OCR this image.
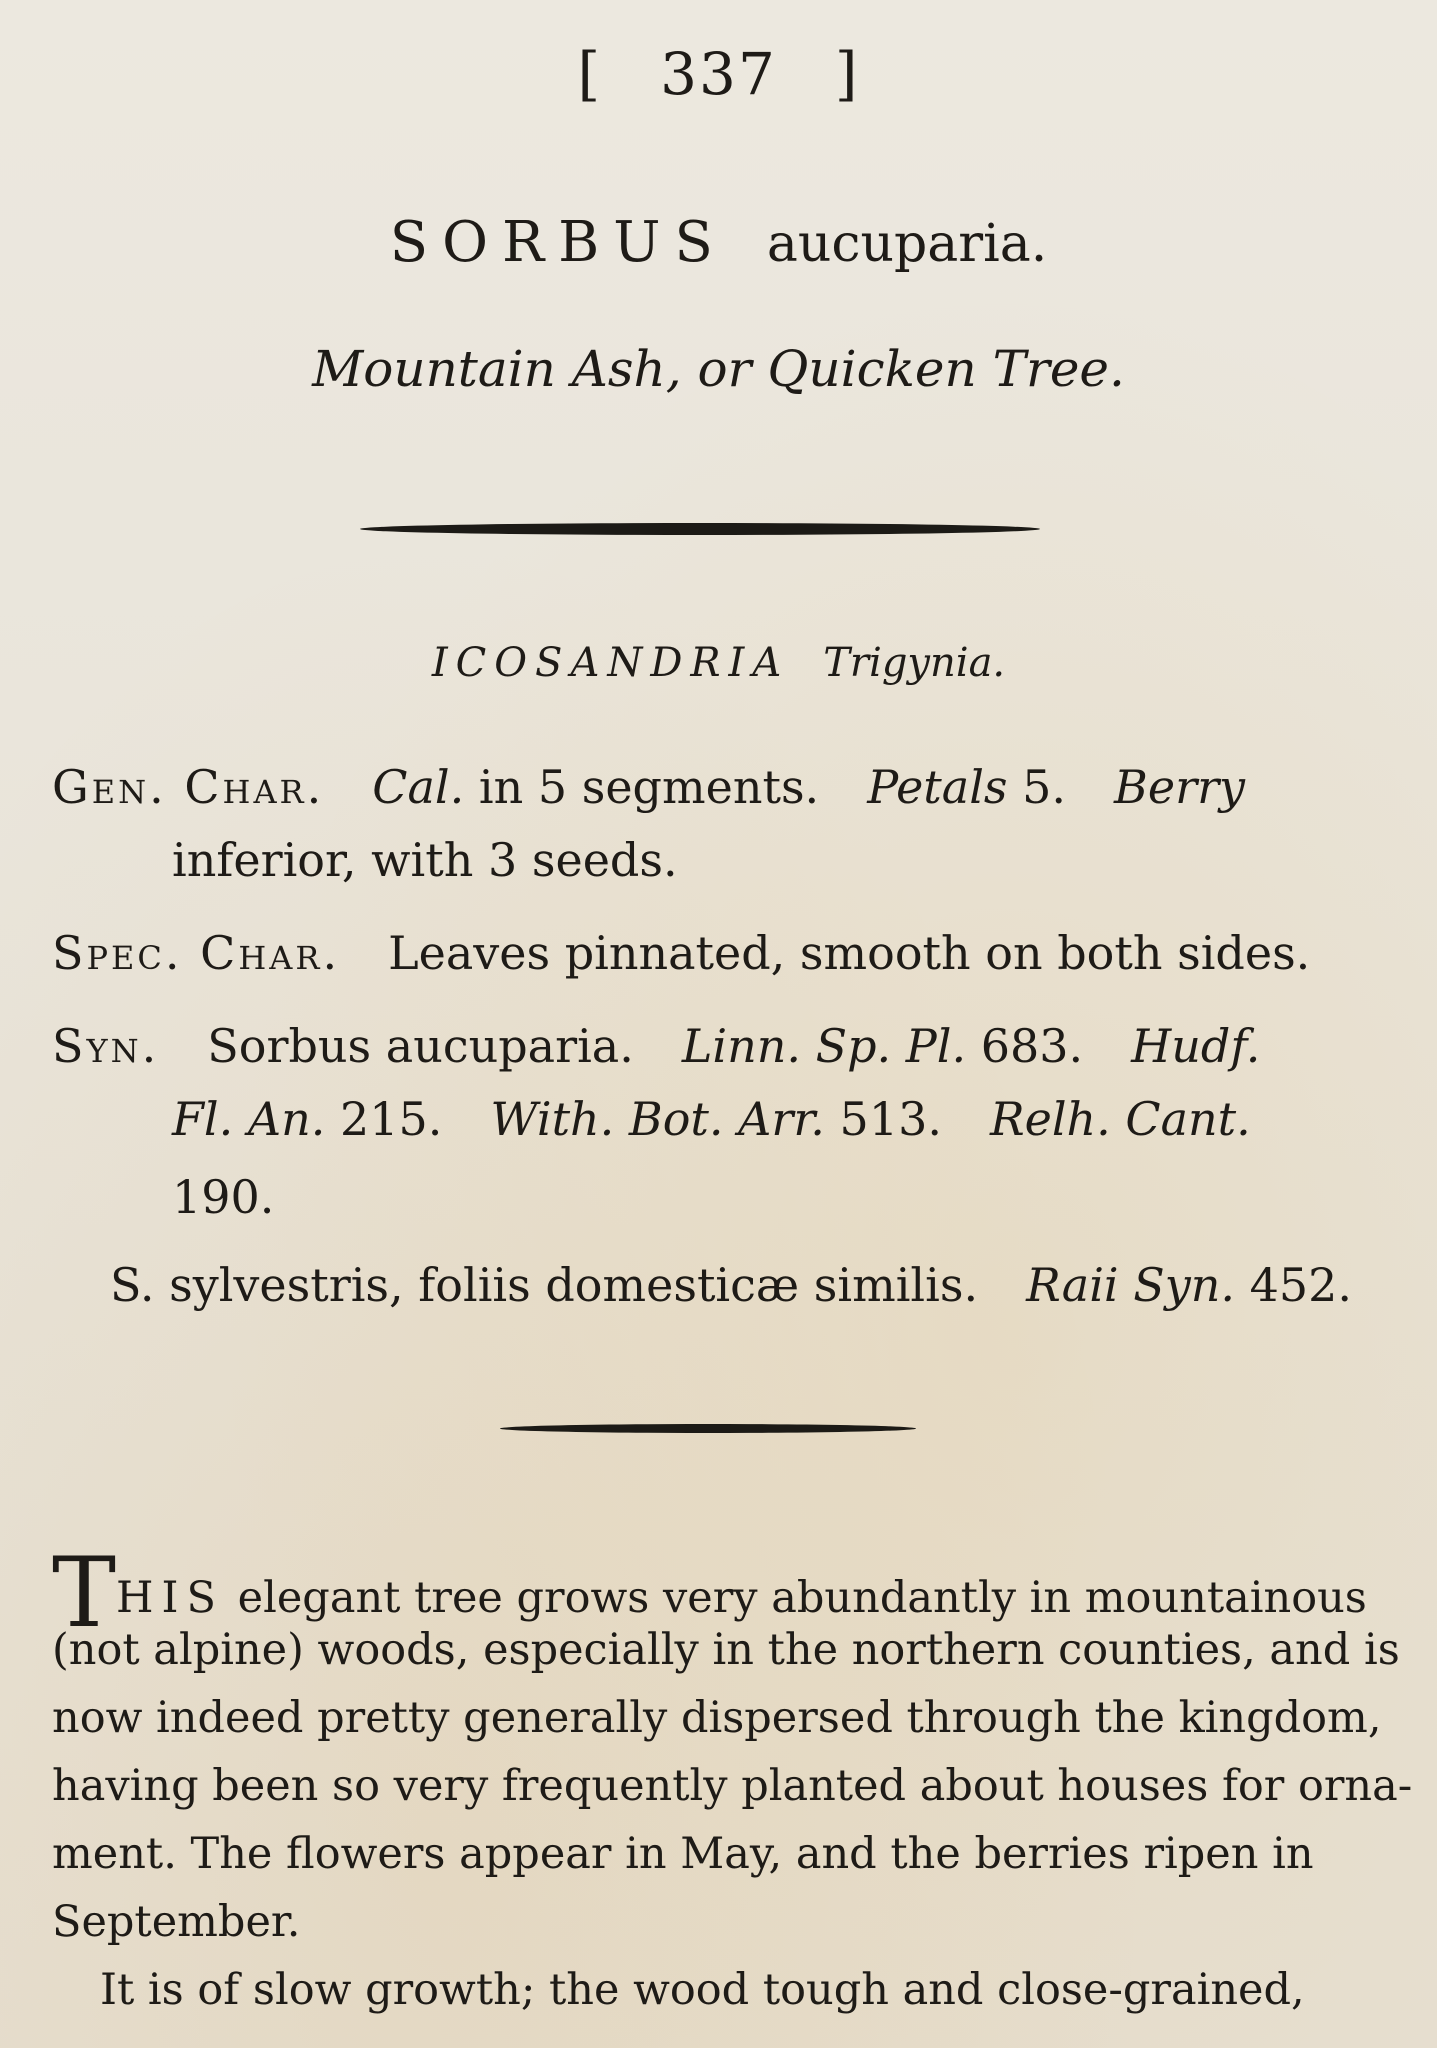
[ 337 ]
SORBUS aucuparia.
Mountain Ash, or Quicken Tree.
ICOSANDRIA Trigynia.
Gen. Char. Cal. in 5 segments. Petals 5. Berry
inferior, with 3 seeds.
Spec. Char. Leaves pinnated, smooth on both sides.
Syn. Sorbus aucuparia. Linn. Sp. Pl. 683. Hudf.
Fl. An. 215. With. Bot. Arr. 513. Relh. Cant.
190.
S. sylvestris, foliis domesticæ similis. Raii Syn. 452.
THIS elegant tree grows very abundantly in mountainous
(not alpine) woods, especially in the northern counties, and is
now indeed pretty generally dispersed through the kingdom,
having been so very frequently planted about houses for orna-
ment. The flowers appear in May, and the berries ripen in
September.
It is of slow growth; the wood tough and close-grained,
